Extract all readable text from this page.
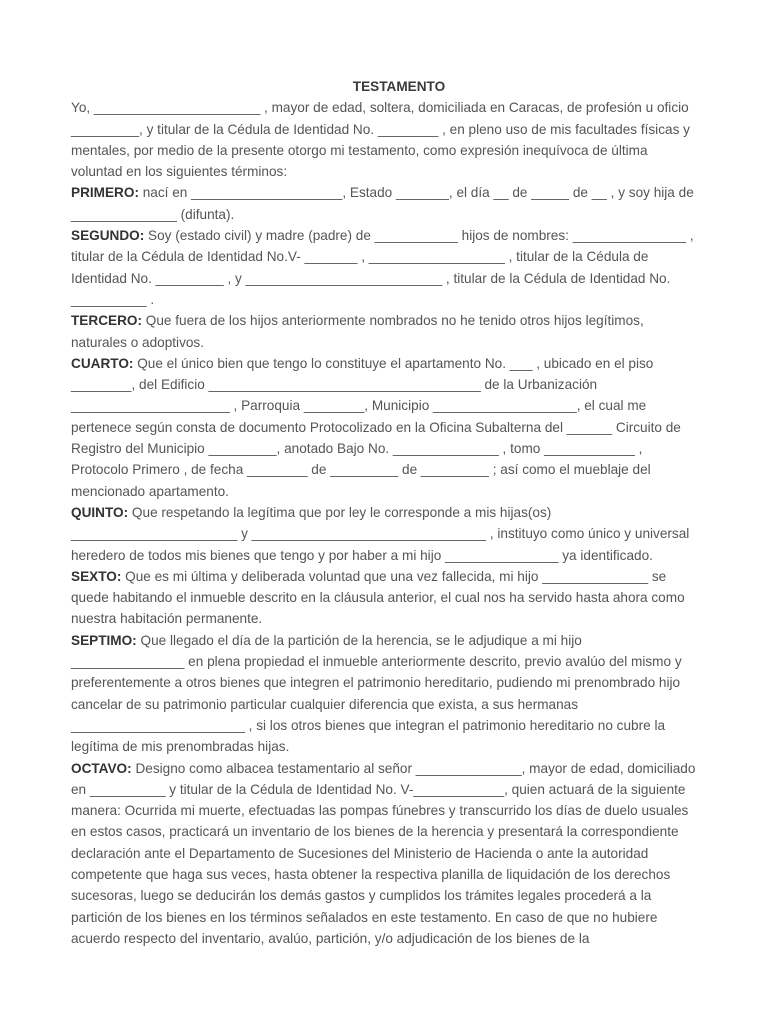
TESTAMENTO

Yo, ______________________ , mayor de edad, soltera, domiciliada en Caracas, de profesión u oficio _________, y titular de la Cédula de Identidad No. ________ , en pleno uso de mis facultades físicas y mentales, por medio de la presente otorgo mi testamento, como expresión inequívoca de última voluntad en los siguientes términos:

PRIMERO: nací en ____________________, Estado _______, el día __ de _____ de __ , y soy hija de ______________ (difunta).

SEGUNDO: Soy (estado civil) y madre (padre) de ___________ hijos de nombres: _______________ , titular de la Cédula de Identidad No.V- _______ , __________________ , titular de la Cédula de Identidad No. _________ , y __________________________ , titular de la Cédula de Identidad No. __________ .

TERCERO: Que fuera de los hijos anteriormente nombrados no he tenido otros hijos legítimos, naturales o adoptivos.

CUARTO: Que el único bien que tengo lo constituye el apartamento No. ___ , ubicado en el piso ________, del Edificio ____________________________________ de la Urbanización _____________________ , Parroquia ________, Municipio ___________________, el cual me pertenece según consta de documento Protocolizado en la Oficina Subalterna del ______ Circuito de Registro del Municipio _________, anotado Bajo No. ______________ , tomo ____________ , Protocolo Primero , de fecha ________ de _________ de _________ ; así como el mueblaje del mencionado apartamento.

QUINTO: Que respetando la legítima que por ley le corresponde a mis hijas(os) ______________________ y _______________________________ , instituyo como único y universal heredero de todos mis bienes que tengo y por haber a mi hijo _______________ ya identificado.

SEXTO: Que es mi última y deliberada voluntad que una vez fallecida, mi hijo ______________ se quede habitando el inmueble descrito en la cláusula anterior, el cual nos ha servido hasta ahora como nuestra habitación permanente.

SEPTIMO: Que llegado el día de la partición de la herencia, se le adjudique a mi hijo _______________ en plena propiedad el inmueble anteriormente descrito, previo avalúo del mismo y preferentemente a otros bienes que integren el patrimonio hereditario, pudiendo mi prenombrado hijo cancelar de su patrimonio particular cualquier diferencia que exista, a sus hermanas _______________________ , si los otros bienes que integran el patrimonio hereditario no cubre la legítima de mis prenombradas hijas.

OCTAVO: Designo como albacea testamentario al señor ______________, mayor de edad, domiciliado en __________ y titular de la Cédula de Identidad No. V-____________, quien actuará de la siguiente manera: Ocurrida mi muerte, efectuadas las pompas fúnebres y transcurrido los días de duelo usuales en estos casos, practicará un inventario de los bienes de la herencia y presentará la correspondiente declaración ante el Departamento de Sucesiones del Ministerio de Hacienda o ante la autoridad competente que haga sus veces, hasta obtener la respectiva planilla de liquidación de los derechos sucesoras, luego se deducirán los demás gastos y cumplidos los trámites legales procederá a la partición de los bienes en los términos señalados en este testamento. En caso de que no hubiere acuerdo respecto del inventario, avalúo, partición, y/o adjudicación de los bienes de la
